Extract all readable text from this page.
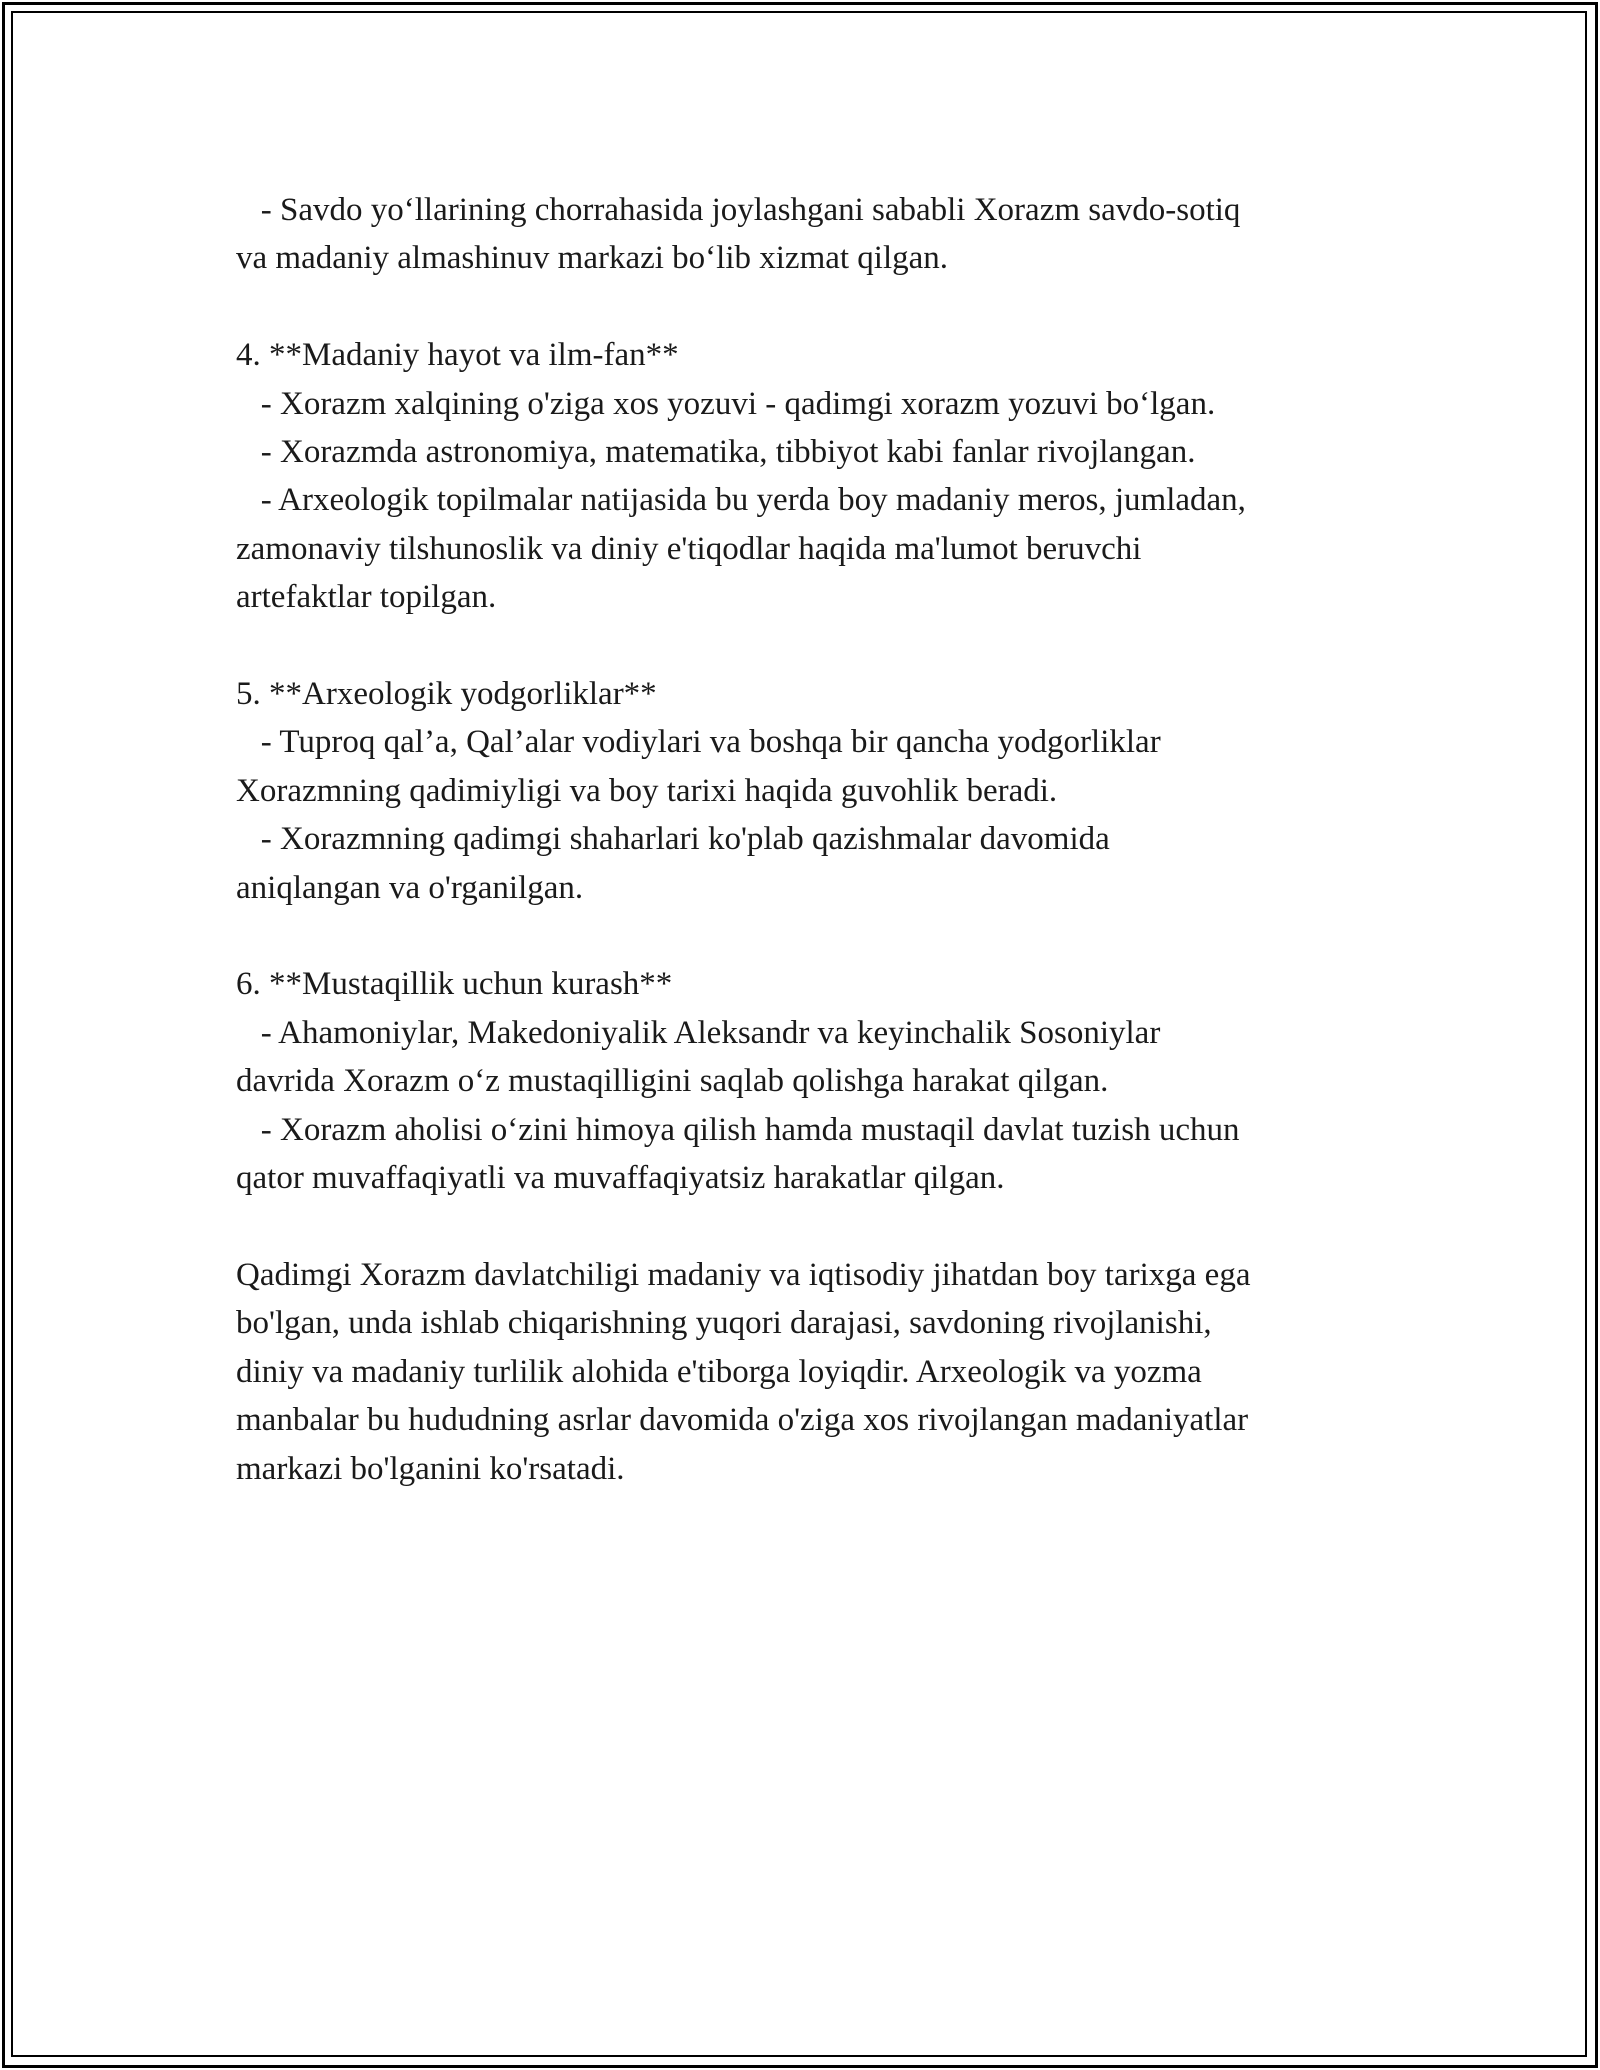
- Savdo yo‘llarining chorrahasida joylashgani sababli Xorazm savdo-sotiq

va madaniy almashinuv markazi bo‘lib xizmat qilgan.

4. **Madaniy hayot va ilm-fan**

- Xorazm xalqining o'ziga xos yozuvi - qadimgi xorazm yozuvi bo‘lgan.

- Xorazmda astronomiya, matematika, tibbiyot kabi fanlar rivojlangan.

- Arxeologik topilmalar natijasida bu yerda boy madaniy meros, jumladan,

zamonaviy tilshunoslik va diniy e'tiqodlar haqida ma'lumot beruvchi

artefaktlar topilgan.

5. **Arxeologik yodgorliklar**

- Tuproq qal’a, Qal’alar vodiylari va boshqa bir qancha yodgorliklar

Xorazmning qadimiyligi va boy tarixi haqida guvohlik beradi.

- Xorazmning qadimgi shaharlari ko'plab qazishmalar davomida

aniqlangan va o'rganilgan.

6. **Mustaqillik uchun kurash**

- Ahamoniylar, Makedoniyalik Aleksandr va keyinchalik Sosoniylar

davrida Xorazm o‘z mustaqilligini saqlab qolishga harakat qilgan.

- Xorazm aholisi o‘zini himoya qilish hamda mustaqil davlat tuzish uchun

qator muvaffaqiyatli va muvaffaqiyatsiz harakatlar qilgan.

Qadimgi Xorazm davlatchiligi madaniy va iqtisodiy jihatdan boy tarixga ega

bo'lgan, unda ishlab chiqarishning yuqori darajasi, savdoning rivojlanishi,

diniy va madaniy turlilik alohida e'tiborga loyiqdir. Arxeologik va yozma

manbalar bu hududning asrlar davomida o'ziga xos rivojlangan madaniyatlar

markazi bo'lganini ko'rsatadi.
